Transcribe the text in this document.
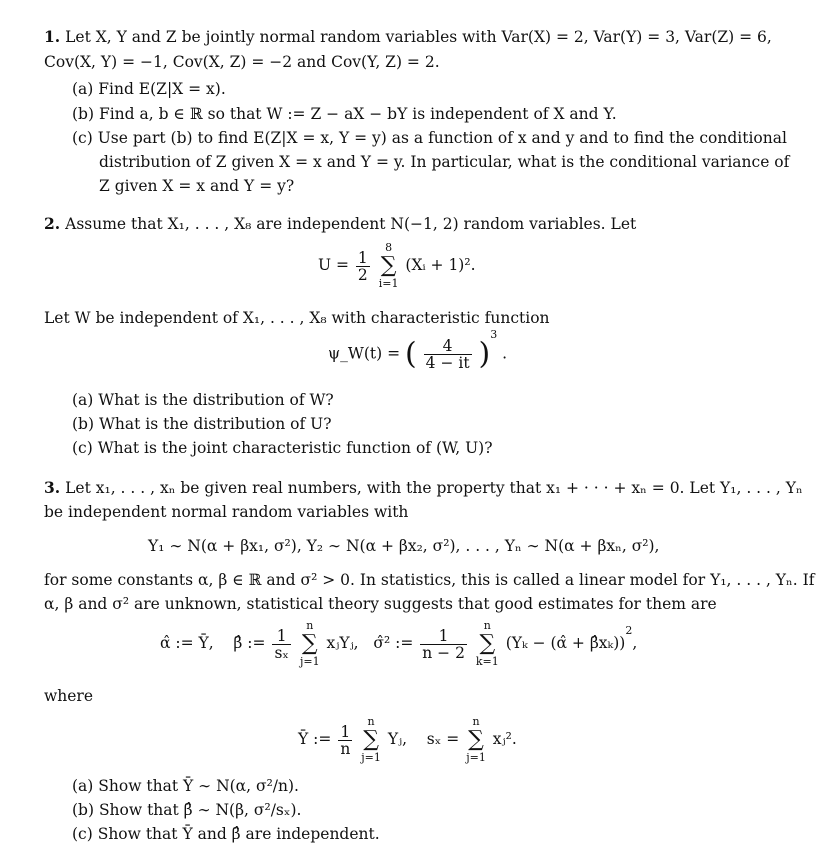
1. Let X, Y and Z be jointly normal random variables with Var(X) = 2, Var(Y) = 3, Var(Z) = 6,
Cov(X, Y) = −1, Cov(X, Z) = −2 and Cov(Y, Z) = 2.
(a) Find E(Z|X = x).
(b) Find a, b ∈ ℝ so that W := Z − aX − bY is independent of X and Y.
(c) Use part (b) to find E(Z|X = x, Y = y) as a function of x and y and to find the conditional
distribution of Z given X = x and Y = y. In particular, what is the conditional variance of
Z given X = x and Y = y?
2. Assume that X₁, . . . , X₈ are independent N(−1, 2) random variables. Let
$U = \frac{1}{2}$

8
∑
i=1
(Xᵢ + 1)².
Let W be independent of X₁, . . . , X₈ with characteristic function
ψ_W(t) = ( $\frac{4}{4 - it} )^3$ .
(a) What is the distribution of W?
(b) What is the distribution of U?
(c) What is the joint characteristic function of (W, U)?
3. Let x₁, . . . , xₙ be given real numbers, with the property that x₁ + · · · + xₙ = 0. Let Y₁, . . . , Yₙ
be independent normal random variables with
Y₁ ∼ N(α + βx₁, σ²), Y₂ ∼ N(α + βx₂, σ²), . . . , Yₙ ∼ N(α + βxₙ, σ²),
for some constants α, β ∈ ℝ and σ² > 0. In statistics, this is called a linear model for Y₁, . . . , Yₙ. If
α, β and σ² are unknown, statistical theory suggests that good estimates for them are
α̂ := Ȳ, β̂ := $\frac{1}{\text{sₓ}}$

n
∑
j=1
xⱼYⱼ, σ̂² := $\frac{1}{n - 2}$

n
∑
k=1
(Yₖ − (α̂ + β̂xₖ))$^2$,
where
Ȳ := $\frac{1}{n}$

n
∑
j=1
Yⱼ, sₓ =
n
∑
j=1
xⱼ².
(a) Show that Ȳ ∼ N(α, σ²/n).
(b) Show that β̂ ∼ N(β, σ²/sₓ).
(c) Show that Ȳ and β̂ are independent.
